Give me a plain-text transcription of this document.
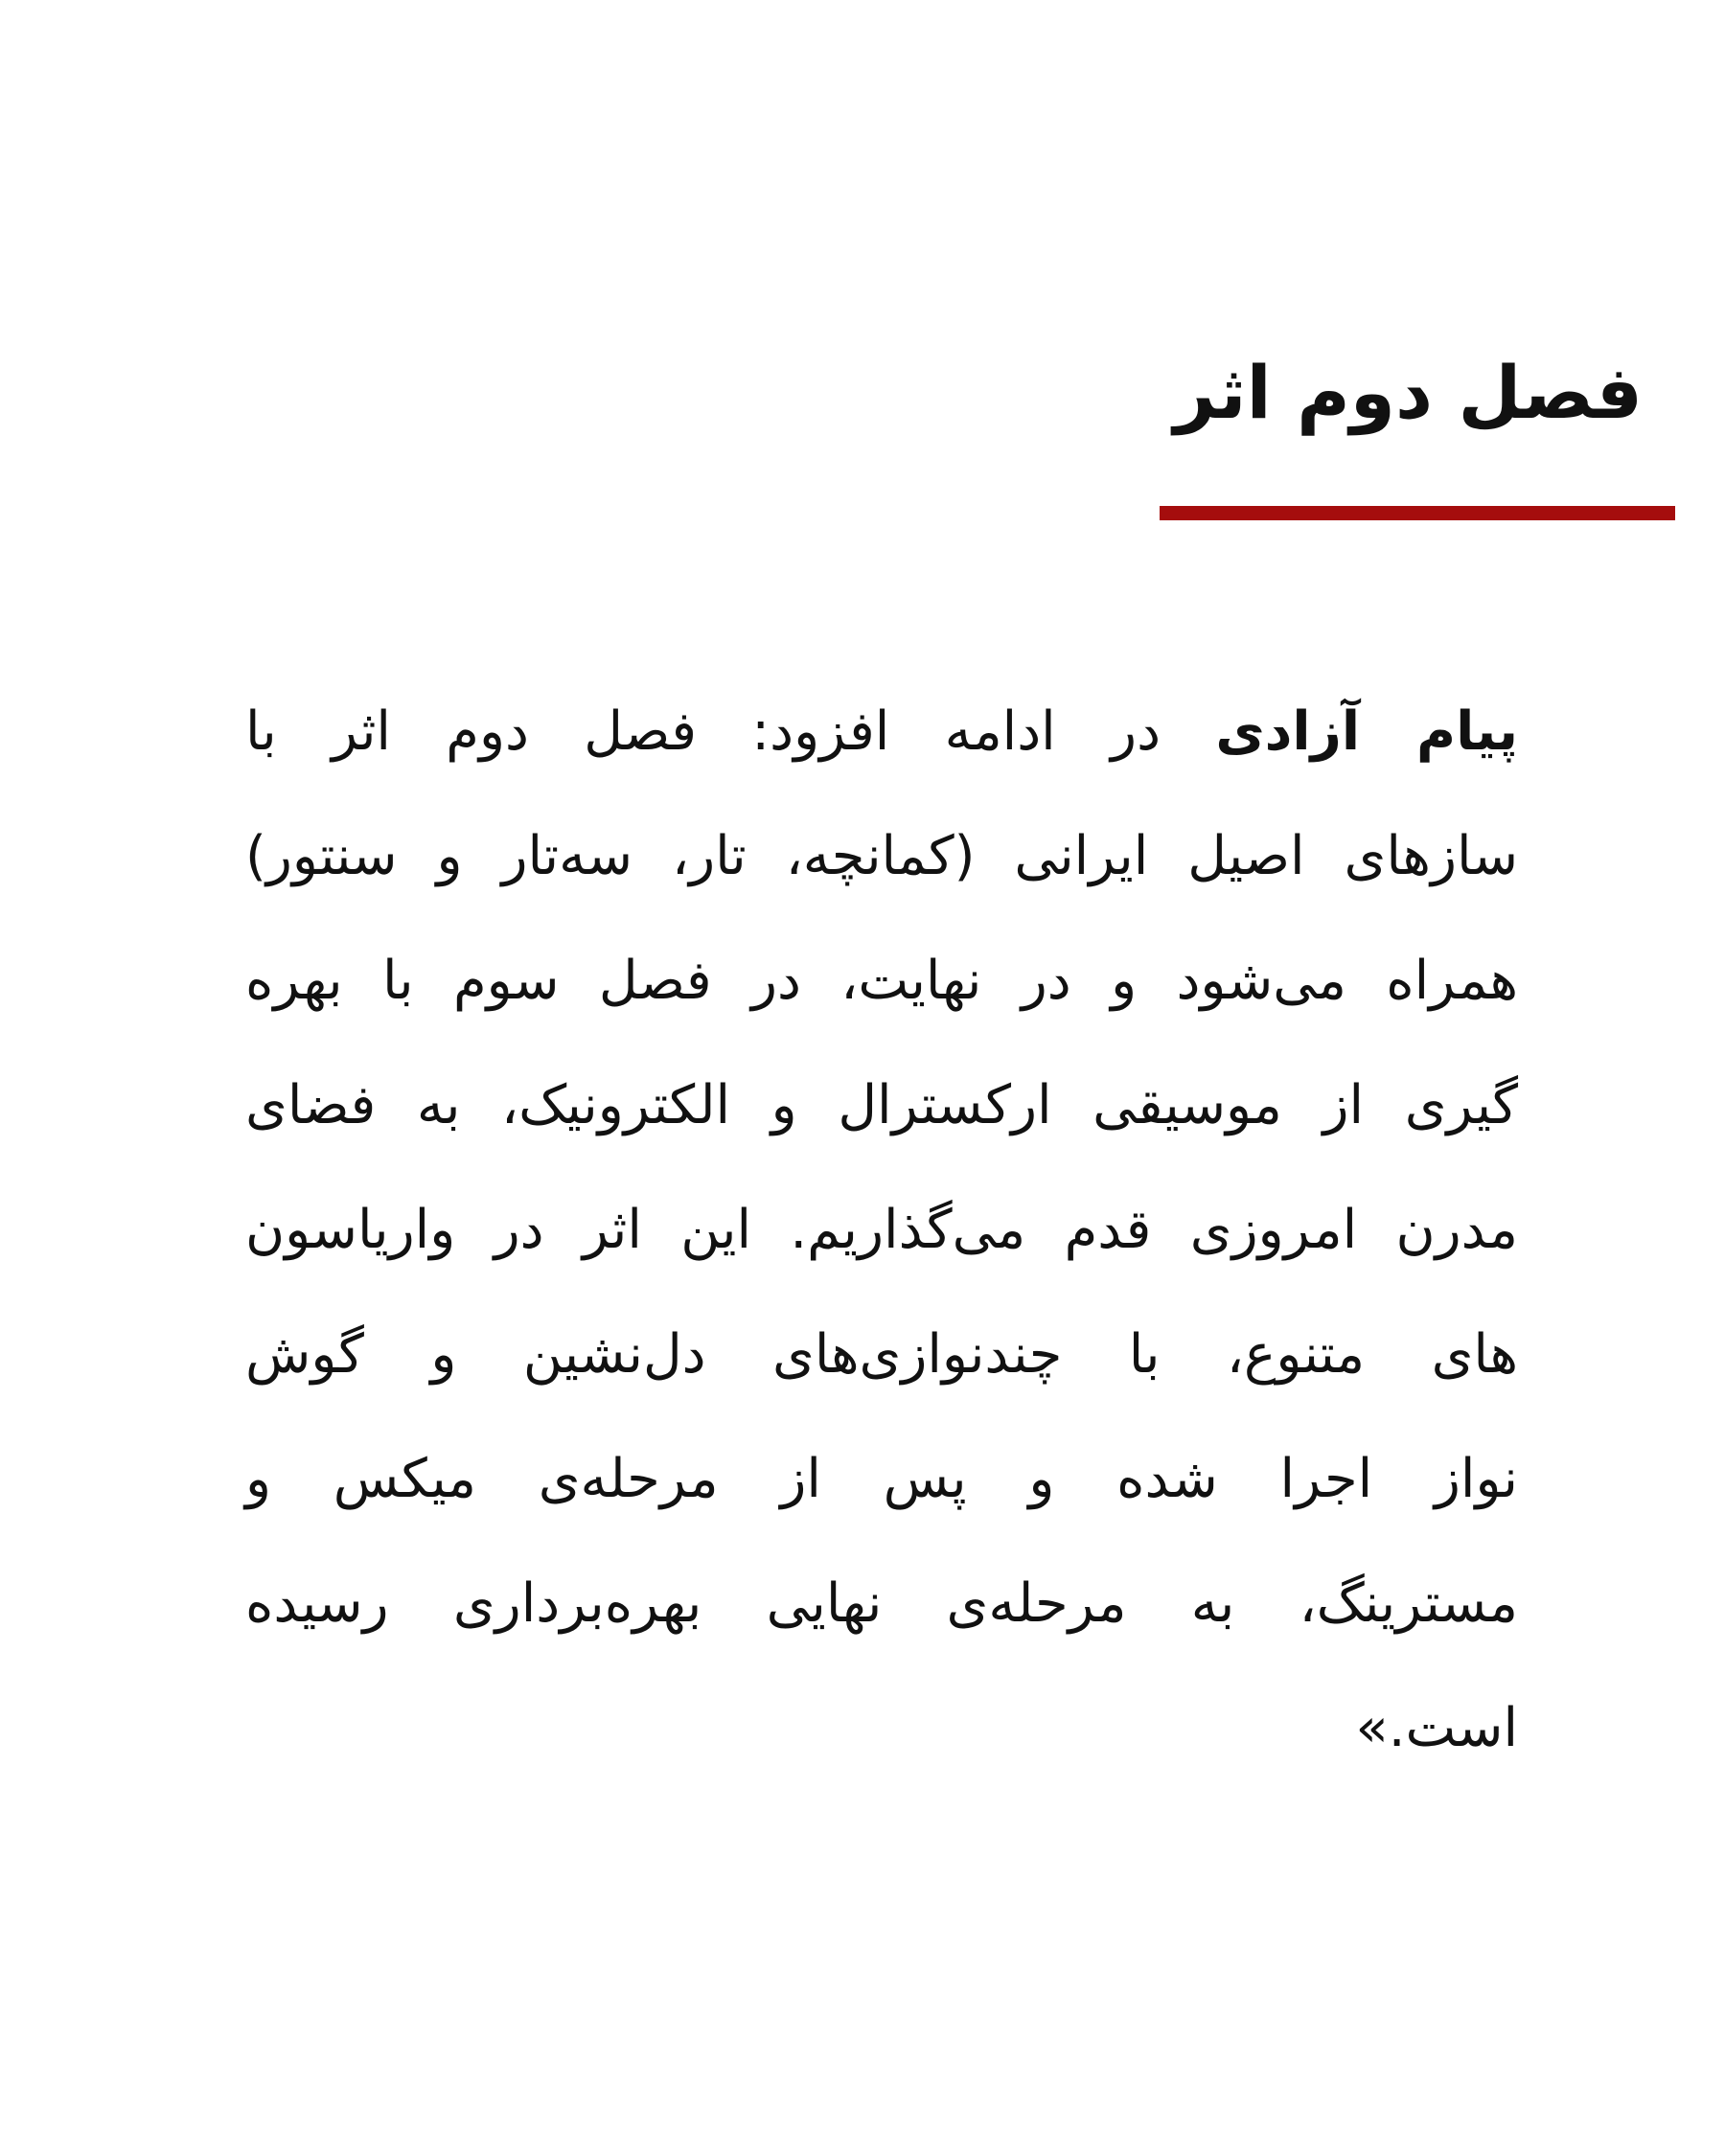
فصل دوم اثر
پیام آزادی در ادامه افزود: فصل دوم اثر با
سازهای اصیل ایرانی (کمانچه، تار، سه‌تار و سنتور)
همراه می‌شود و در نهایت، در فصل سوم با بهره
گیری از موسیقی ارکسترال و الکترونیک، به فضای
مدرن امروزی قدم می‌گذاریم. این اثر در واریاسون
های متنوع، با چندنوازی‌های دل‌نشین و گوش
نواز اجرا شده و پس از مرحله‌ی میکس و
مسترینگ، به مرحله‌ی نهایی بهره‌برداری رسیده
است.»
